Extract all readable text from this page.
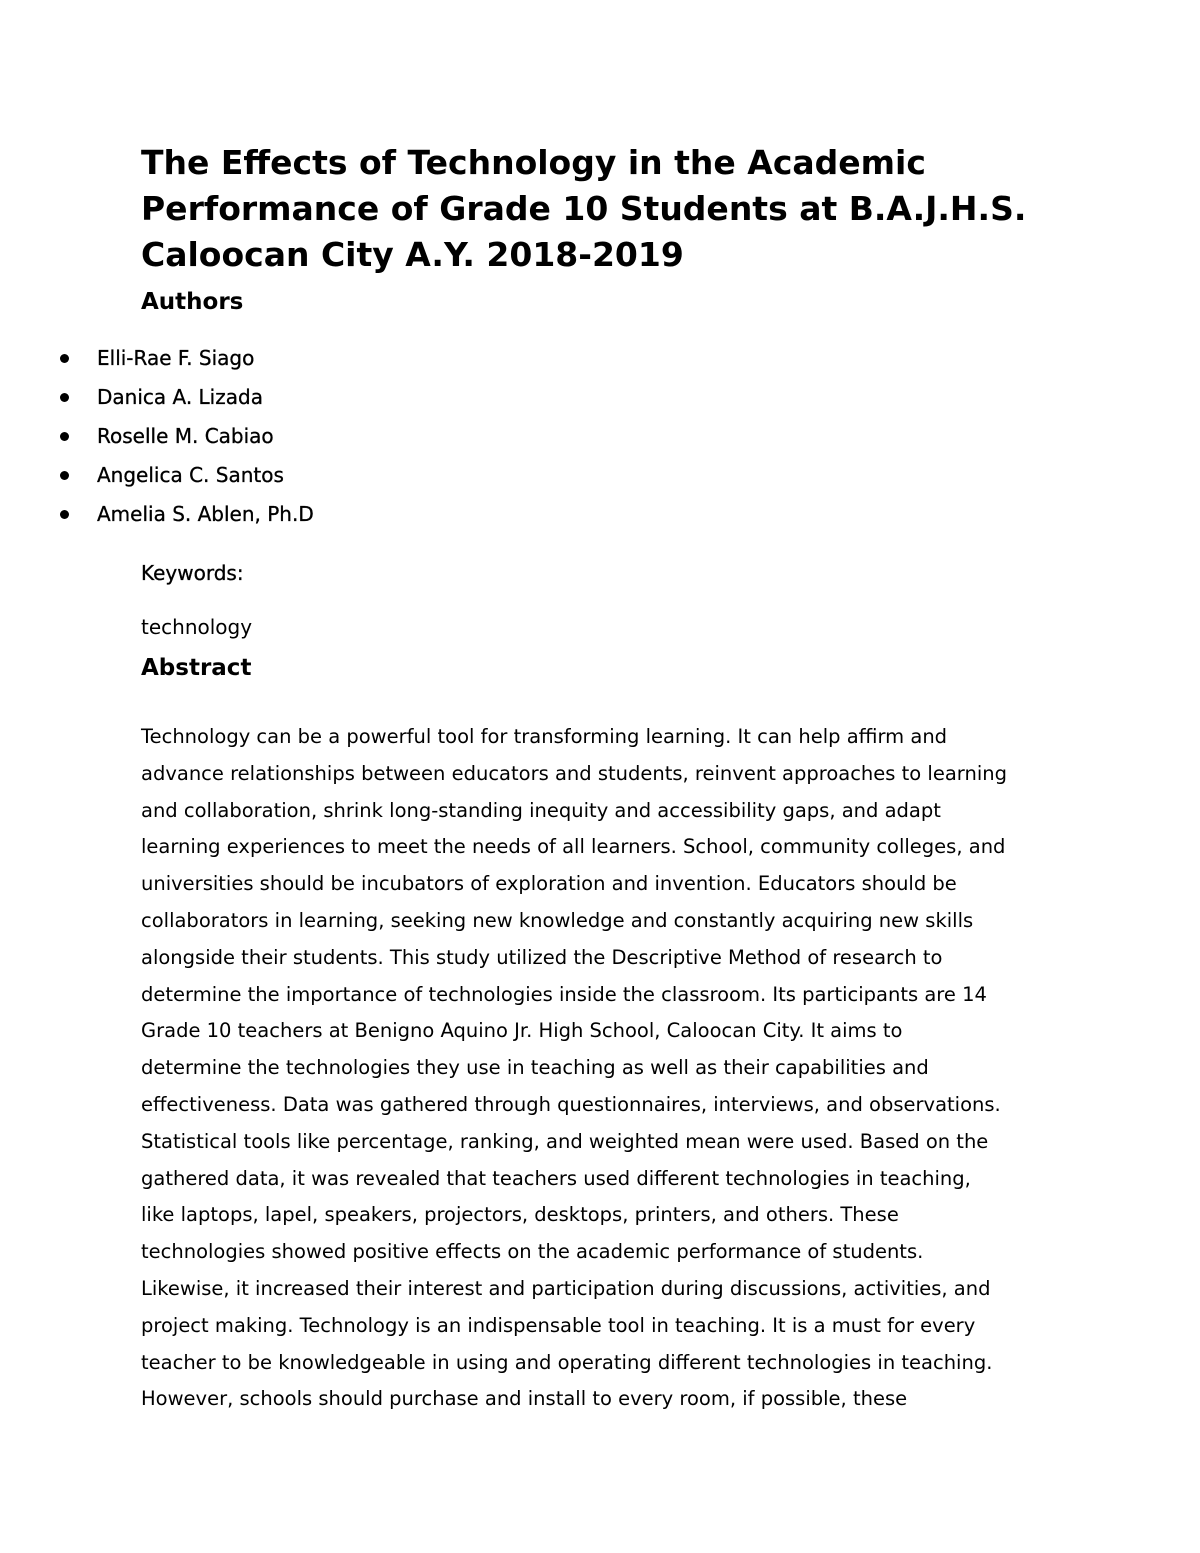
The Effects of Technology in the Academic Performance of Grade 10 Students at B.A.J.H.S. Caloocan City A.Y. 2018-2019
Authors
Elli-Rae F. Siago
Danica A. Lizada
Roselle M. Cabiao
Angelica C. Santos
Amelia S. Ablen, Ph.D
Keywords:
technology
Abstract
Technology can be a powerful tool for transforming learning. It can help affirm and
advance relationships between educators and students, reinvent approaches to learning
and collaboration, shrink long-standing inequity and accessibility gaps, and adapt
learning experiences to meet the needs of all learners. School, community colleges, and
universities should be incubators of exploration and invention. Educators should be
collaborators in learning, seeking new knowledge and constantly acquiring new skills
alongside their students. This study utilized the Descriptive Method of research to
determine the importance of technologies inside the classroom. Its participants are 14
Grade 10 teachers at Benigno Aquino Jr. High School, Caloocan City. It aims to
determine the technologies they use in teaching as well as their capabilities and
effectiveness. Data was gathered through questionnaires, interviews, and observations.
Statistical tools like percentage, ranking, and weighted mean were used. Based on the
gathered data, it was revealed that teachers used different technologies in teaching,
like laptops, lapel, speakers, projectors, desktops, printers, and others. These
technologies showed positive effects on the academic performance of students.
Likewise, it increased their interest and participation during discussions, activities, and
project making. Technology is an indispensable tool in teaching. It is a must for every
teacher to be knowledgeable in using and operating different technologies in teaching.
However, schools should purchase and install to every room, if possible, these
